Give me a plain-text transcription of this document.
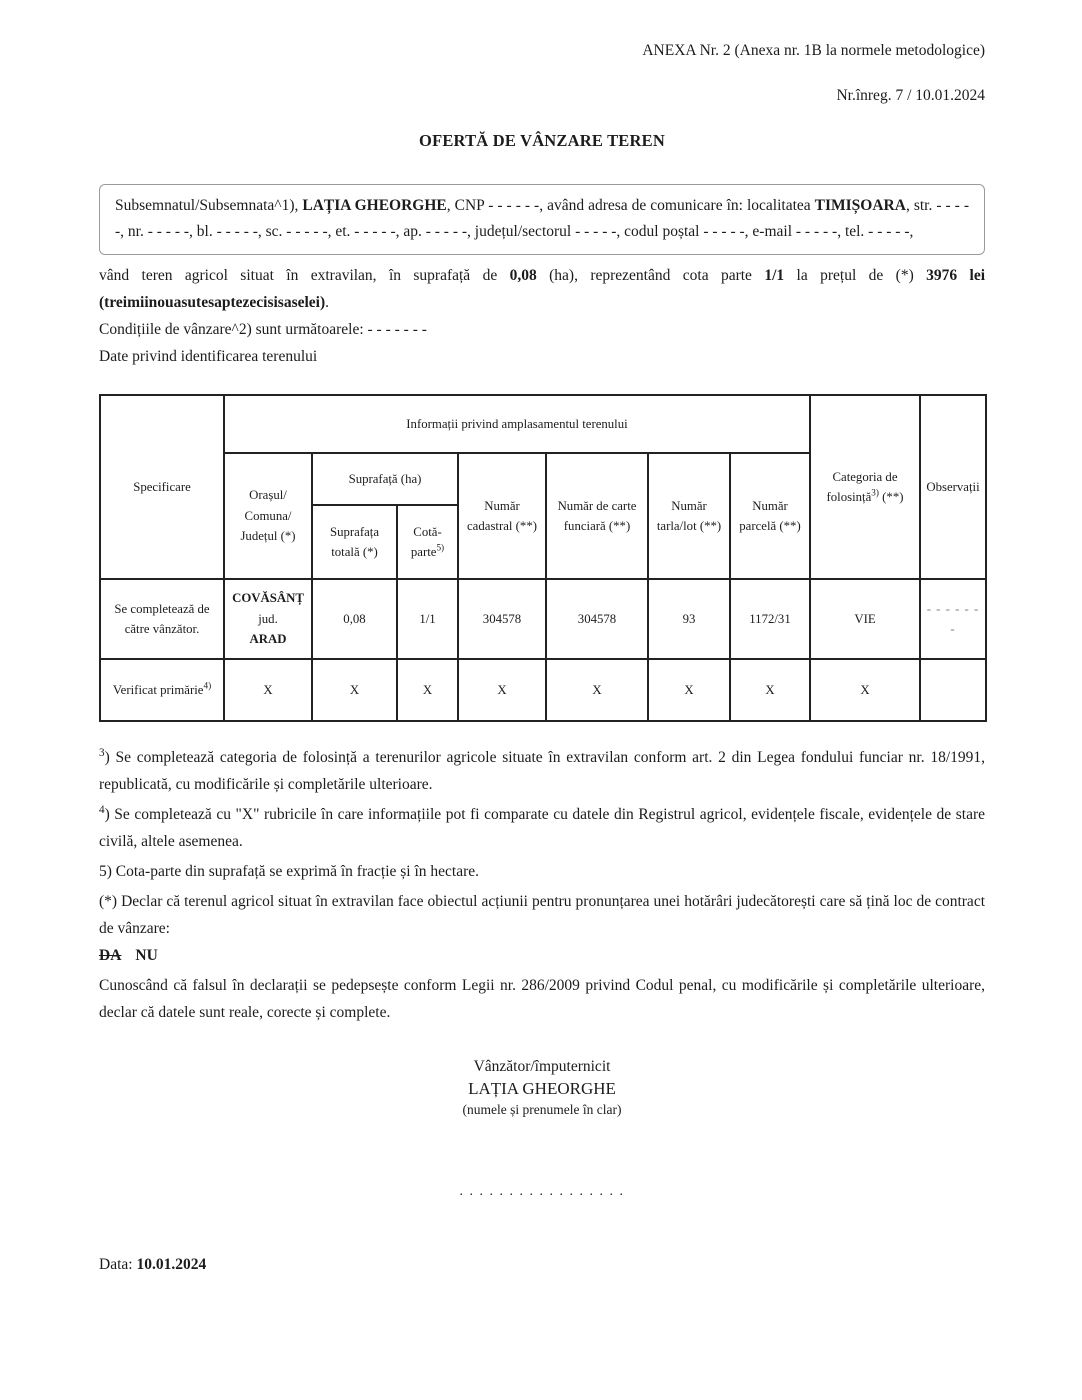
ANEXA Nr. 2 (Anexa nr. 1B la normele metodologice)
Nr.înreg. 7 / 10.01.2024
OFERTĂ DE VÂNZARE TEREN
Subsemnatul/Subsemnata^1), LAȚIA GHEORGHE, CNP - - - - - -, având adresa de comunicare în: localitatea TIMIȘOARA, str. - - - - -, nr. - - - - -, bl. - - - - -, sc. - - - - -, et. - - - - -, ap. - - - - -, județul/sectorul - - - - -, codul poștal - - - - -, e-mail - - - - -, tel. - - - - -,

vând teren agricol situat în extravilan, în suprafață de 0,08 (ha), reprezentând cota parte 1/1 la prețul de (*) 3976 lei (treimiinouasutesaptezecisisaselei).

Condițiile de vânzare^2) sunt următoarele: - - - - - - -

Date privind identificarea terenului

Specificare	Informații privind amplasamentul terenului							Categoria de folosință$^{3)}$ (**)	Observații

	Orașul/
Comuna/
Județul (*)	Suprafață (ha)		Număr cadastral (**)	Număr de carte funciară (**)	Număr tarla/lot (**)	Număr parcelă (**)		
		Suprafața totală (*)	Cotă-parte$^{5)}$
Se completează de către vânzător.	COVĂSÂNȚ
jud.
ARAD	0,08	1/1	304578	304578	93	1172/31	VIE	- - - - - - -
Verificat primărie$^{4)}$	X	X	X	X	X	X	X	X	

$^3$) Se completează categoria de folosință a terenurilor agricole situate în extravilan conform art. 2 din Legea fondului funciar nr. 18/1991, republicată, cu modificările și completările ulterioare.

$^4$) Se completează cu "X" rubricile în care informațiile pot fi comparate cu datele din Registrul agricol, evidențele fiscale, evidențele de stare civilă, altele asemenea.

5) Cota-parte din suprafață se exprimă în fracție și în hectare.

(*) Declar că terenul agricol situat în extravilan face obiectul acțiunii pentru pronunțarea unei hotărâri judecătorești care să țină loc de contract de vânzare:

DA NU

Cunoscând că falsul în declarații se pedepsește conform Legii nr. 286/2009 privind Codul penal, cu modificările și completările ulterioare, declar că datele sunt reale, corecte și complete.

Vânzător/împuternicit
LAȚIA GHEORGHE
(numele și prenumele în clar)
. . . . . . . . . . . . . . . . .
Data: 10.01.2024
